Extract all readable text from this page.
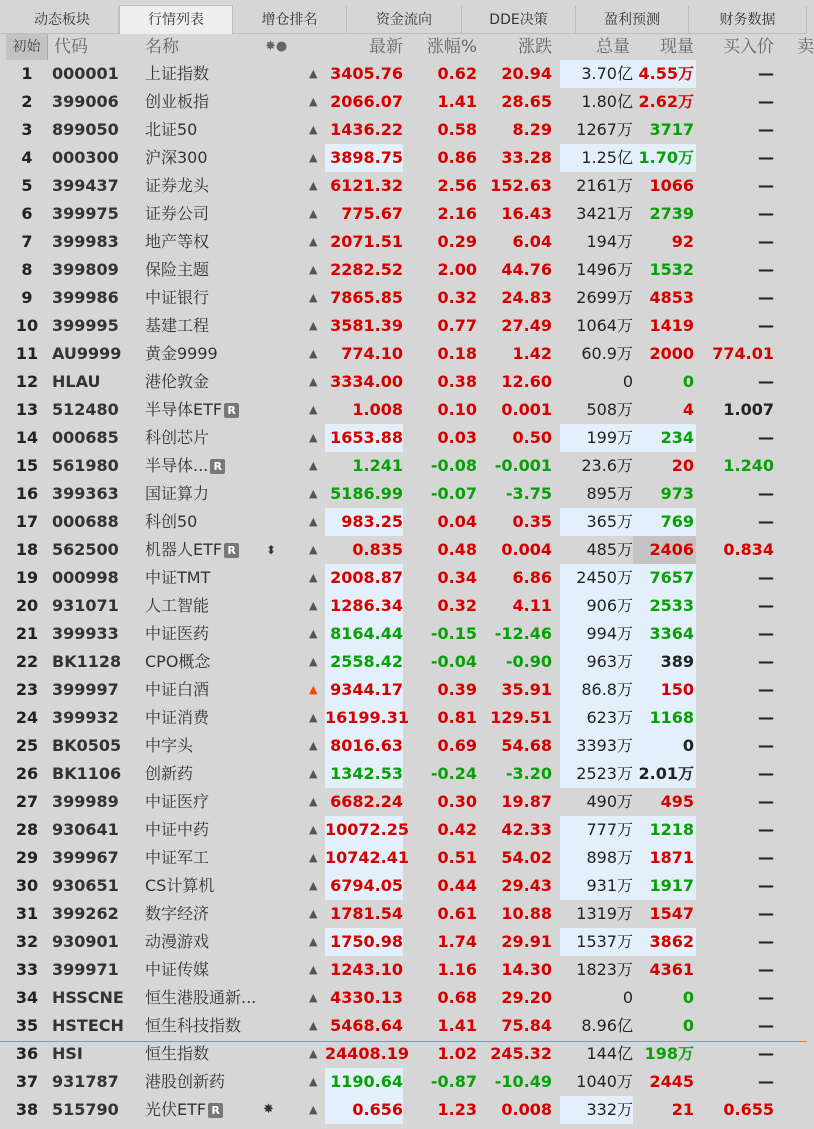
动态板块	行情列表	增仓排名	资金流向	DDE决策	盈利预测	财务数据
初始 代码	名称	✸●	最新	涨幅%	涨跌	总量	现量	买入价 卖
1	000001	上证指数	▲ 3405.76	0.62	20.94	3.70亿 4.55万	—
2	399006	创业板指	▲ 2066.07	1.41	28.65	1.80亿 2.62万	—
3	899050	北证50	▲ 1436.22	0.58	8.29	1267万	3717	—
4	000300	沪深300	▲ 3898.75	0.86	33.28	1.25亿 1.70万	—
5	399437	证券龙头	▲ 6121.32	2.56 152.63	2161万	1066	—
6	399975	证券公司	▲	775.67	2.16	16.43	3421万	2739	—
7	399983	地产等权	▲ 2071.51	0.29	6.04	194万	92	—
8	399809	保险主题	▲ 2282.52	2.00	44.76	1496万	1532	—
9	399986	中证银行	▲ 7865.85	0.32	24.83	2699万	4853	—
10 399995	基建工程	▲ 3581.39	0.77	27.49	1064万	1419	—
11 AU9999	黄金9999	▲	774.10	0.18	1.42	60.9万	2000	774.01
12 HLAU	港伦敦金	▲ 3334.00	0.38	12.60	0	0	—
13 512480	半导体ETF R	▲	1.008	0.10	0.001	508万	4	1.007
14 000685	科创芯片	▲ 1653.88	0.03	0.50	199万	234	—
15 561980	半导体... R	▲	1.241	-0.08	-0.001	23.6万	20	1.240
16 399363	国证算力	▲ 5186.99	-0.07	-3.75	895万	973	—
17 000688	科创50	▲	983.25	0.04	0.35	365万	769	—
18 562500	机器人ETF R	⬍	▲	0.835	0.48	0.004	485万	2406	0.834
19 000998	中证TMT	▲ 2008.87	0.34	6.86	2450万	7657	—
20 931071	人工智能	▲ 1286.34	0.32	4.11	906万	2533	—
21 399933	中证医药	▲ 8164.44	-0.15	-12.46	994万	3364	—
22 BK1128	CPO概念	▲ 2558.42	-0.04	-0.90	963万	389	—
23 399997	中证白酒	▲ 9344.17	0.39	35.91	86.8万	150	—
24 399932	中证消费	▲ 16199.31	0.81 129.51	623万	1168	—
25 BK0505	中字头	▲ 8016.63	0.69	54.68	3393万	0	—
26 BK1106	创新药	▲ 1342.53	-0.24	-3.20	2523万 2.01万	—
27 399989	中证医疗	▲ 6682.24	0.30	19.87	490万	495	—
28 930641	中证中药	▲ 10072.25	0.42	42.33	777万	1218	—
29 399967	中证军工	▲ 10742.41	0.51	54.02	898万	1871	—
30 930651	CS计算机	▲ 6794.05	0.44	29.43	931万	1917	—
31 399262	数字经济	▲ 1781.54	0.61	10.88	1319万	1547	—
32 930901	动漫游戏	▲ 1750.98	1.74	29.91	1537万	3862	—
33 399971	中证传媒	▲ 1243.10	1.16	14.30	1823万	4361	—
34 HSSCNE	恒生港股通新...	▲ 4330.13	0.68	29.20	0	0	—
35 HSTECH	恒生科技指数	▲ 5468.64	1.41	75.84	8.96亿	0	—
36 HSI	恒生指数	▲ 24408.19	1.02 245.32	144亿 198万	—
37 931787	港股创新药	▲ 1190.64	-0.87	-10.49	1040万	2445	—
38 515790	光伏ETF R	✸	▲	0.656	1.23	0.008	332万	21	0.655
